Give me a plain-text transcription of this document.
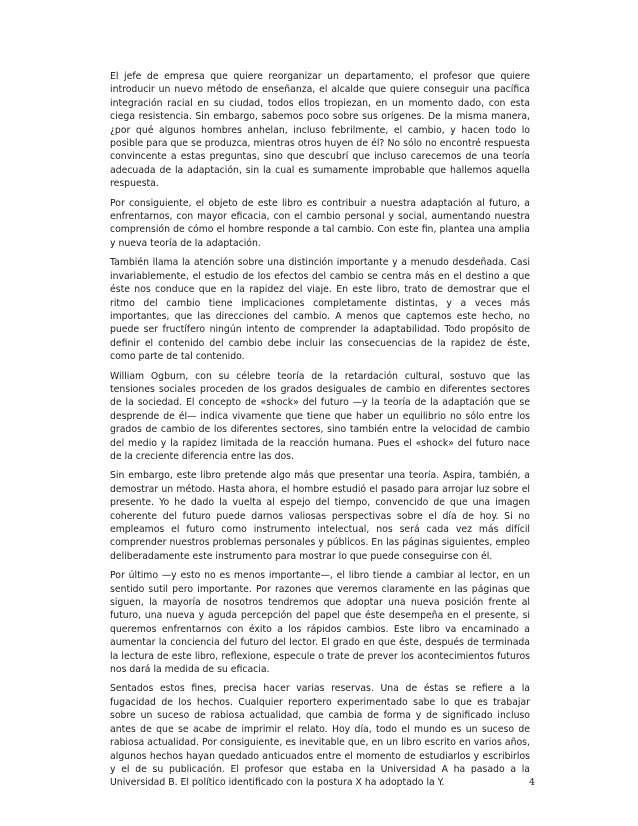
El jefe de empresa que quiere reorganizar un departamento, el profesor que quiere introducir un nuevo método de enseñanza, el alcalde que quiere conseguir una pacífica integración racial en su ciudad, todos ellos tropiezan, en un momento dado, con esta ciega resistencia. Sin embargo, sabemos poco sobre sus orígenes. De la misma manera, ¿por qué algunos hombres anhelan, incluso febrilmente, el cambio, y hacen todo lo posible para que se produzca, mientras otros huyen de él? No sólo no encontré respuesta convincente a estas preguntas, sino que descubrí que incluso carecemos de una teoría adecuada de la adaptación, sin la cual es sumamente improbable que hallemos aquella respuesta.

Por consiguiente, el objeto de este libro es contribuir a nuestra adaptación al futuro, a enfrentarnos, con mayor eficacia, con el cambio personal y social, aumentando nuestra comprensión de cómo el hombre responde a tal cambio. Con este fin, plantea una amplia y nueva teoría de la adaptación.

También llama la atención sobre una distinción importante y a menudo desdeñada. Casi invariablemente, el estudio de los efectos del cambio se centra más en el destino a que éste nos conduce que en la rapidez del viaje. En este libro, trato de demostrar que el ritmo del cambio tiene implicaciones completamente distintas, y a veces más importantes, que las direcciones del cambio. A menos que captemos este hecho, no puede ser fructífero ningún intento de comprender la adaptabilidad. Todo propósito de definir el contenido del cambio debe incluir las consecuencias de la rapidez de éste, como parte de tal contenido.

William Ogburn, con su célebre teoría de la retardación cultural, sostuvo que las tensiones sociales proceden de los grados desiguales de cambio en diferentes sectores de la sociedad. El concepto de «shock» del futuro —y la teoría de la adaptación que se desprende de él— indica vivamente que tiene que haber un equilibrio no sólo entre los grados de cambio de los diferentes sectores, sino también entre la velocidad de cambio del medio y la rapidez limitada de la reacción humana. Pues el «shock» del futuro nace de la creciente diferencia entre las dos.

Sin embargo, este libro pretende algo más que presentar una teoría. Aspira, también, a demostrar un método. Hasta ahora, el hombre estudió el pasado para arrojar luz sobre el presente. Yo he dado la vuelta al espejo del tiempo, convencido de que una imagen coherente del futuro puede darnos valiosas perspectivas sobre el día de hoy. Si no empleamos el futuro como instrumento intelectual, nos será cada vez más difícil comprender nuestros problemas personales y públicos. En las páginas siguientes, empleo deliberadamente este instrumento para mostrar lo que puede conseguirse con él.

Por último —y esto no es menos importante—, el libro tiende a cambiar al lector, en un sentido sutil pero importante. Por razones que veremos claramente en las páginas que siguen, la mayoría de nosotros tendremos que adoptar una nueva posición frente al futuro, una nueva y aguda percepción del papel que éste desempeña en el presente, si queremos enfrentarnos con éxito a los rápidos cambios. Este libro va encaminado a aumentar la conciencia del futuro del lector. El grado en que éste, después de terminada la lectura de este libro, reflexione, especule o trate de prever los acontecimientos futuros nos dará la medida de su eficacia.

Sentados estos fines, precisa hacer varias reservas. Una de éstas se refiere a la fugacidad de los hechos. Cualquier reportero experimentado sabe lo que es trabajar sobre un suceso de rabiosa actualidad, que cambia de forma y de significado incluso antes de que se acabe de imprimir el relato. Hoy día, todo el mundo es un suceso de rabiosa actualidad. Por consiguiente, es inevitable que, en un libro escrito en varios años, algunos hechos hayan quedado anticuados entre el momento de estudiarlos y escribirlos y el de su publicación. El profesor que estaba en la Universidad A ha pasado a la Universidad B. El político identificado con la postura X ha adoptado la Y.	4
